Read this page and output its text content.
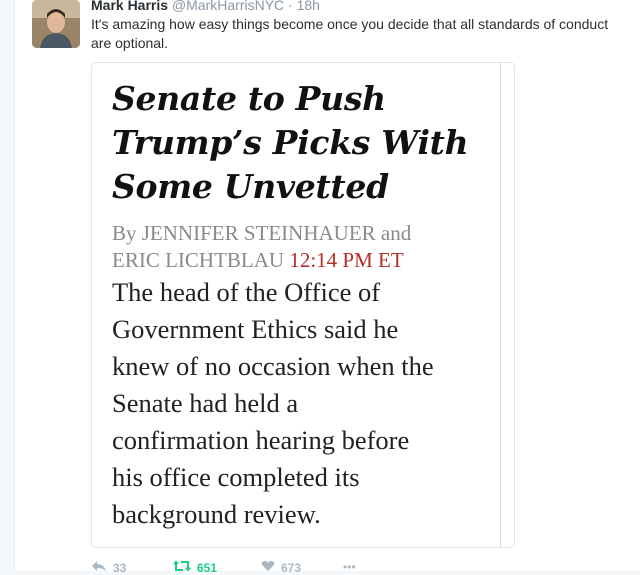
Mark Harris @MarkHarrisNYC · 18h
It's amazing how easy things become once you decide that all standards of conduct are optional.
Senate to Push
Trump’s Picks With
Some Unvetted
By JENNIFER STEINHAUER and
ERIC LICHTBLAU 12:14 PM ET
The head of the Office of
Government Ethics said he
knew of no occasion when the
Senate had held a
confirmation hearing before
his office completed its
background review.
33	651	673	•••
